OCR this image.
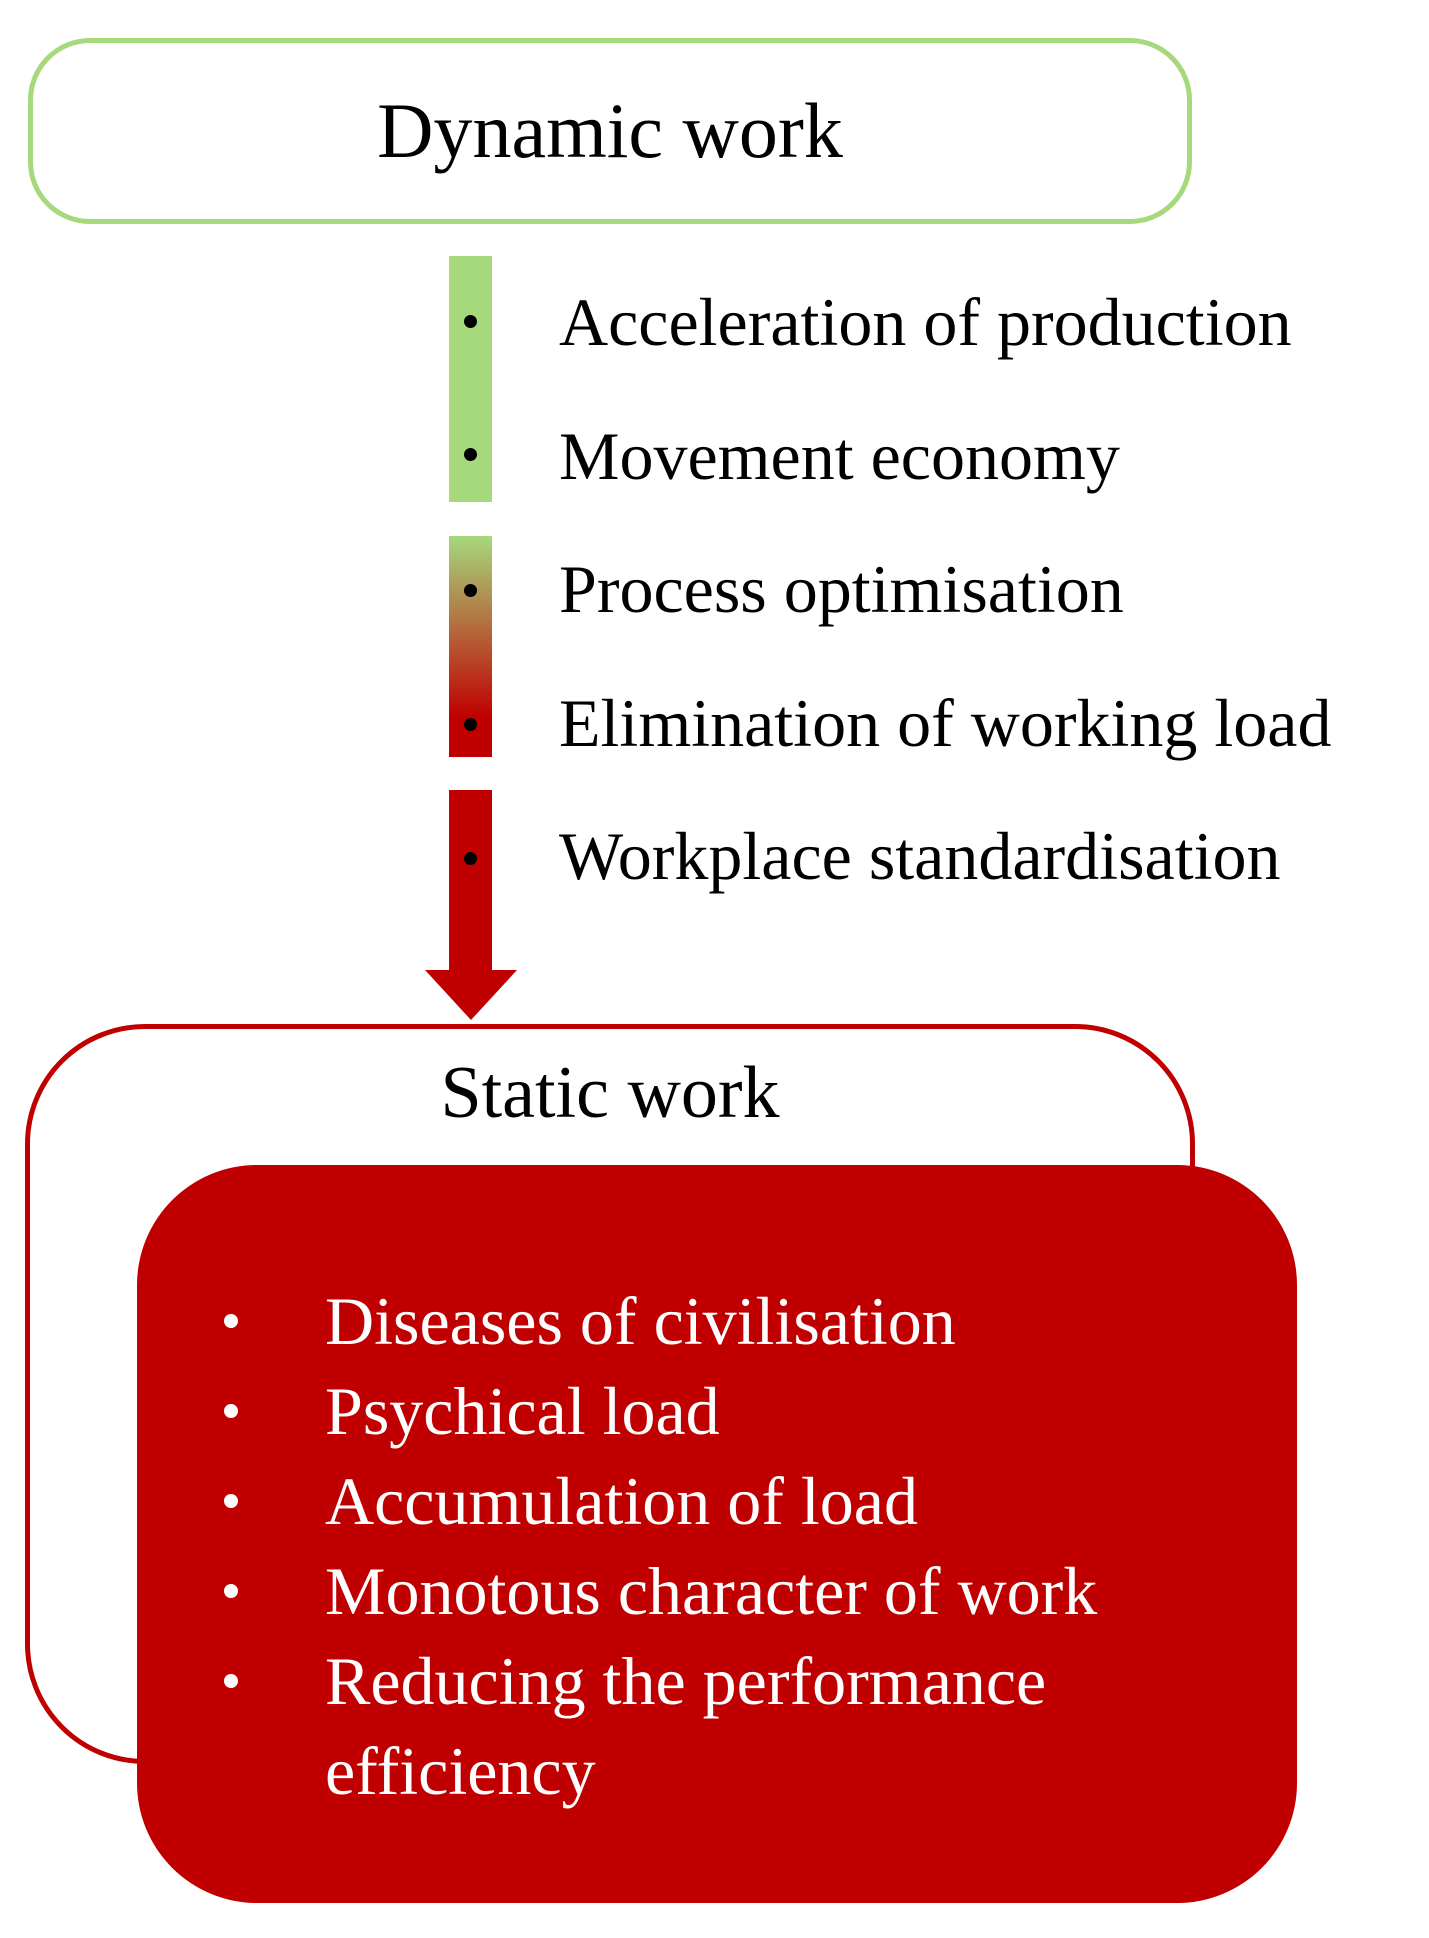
Dynamic work
Acceleration of production
Movement economy
Process optimisation
Elimination of working load
Workplace standardisation
Static work
Diseases of civilisation
Psychical load
Accumulation of load
Monotous character of work
Reducing the performance efficiency
